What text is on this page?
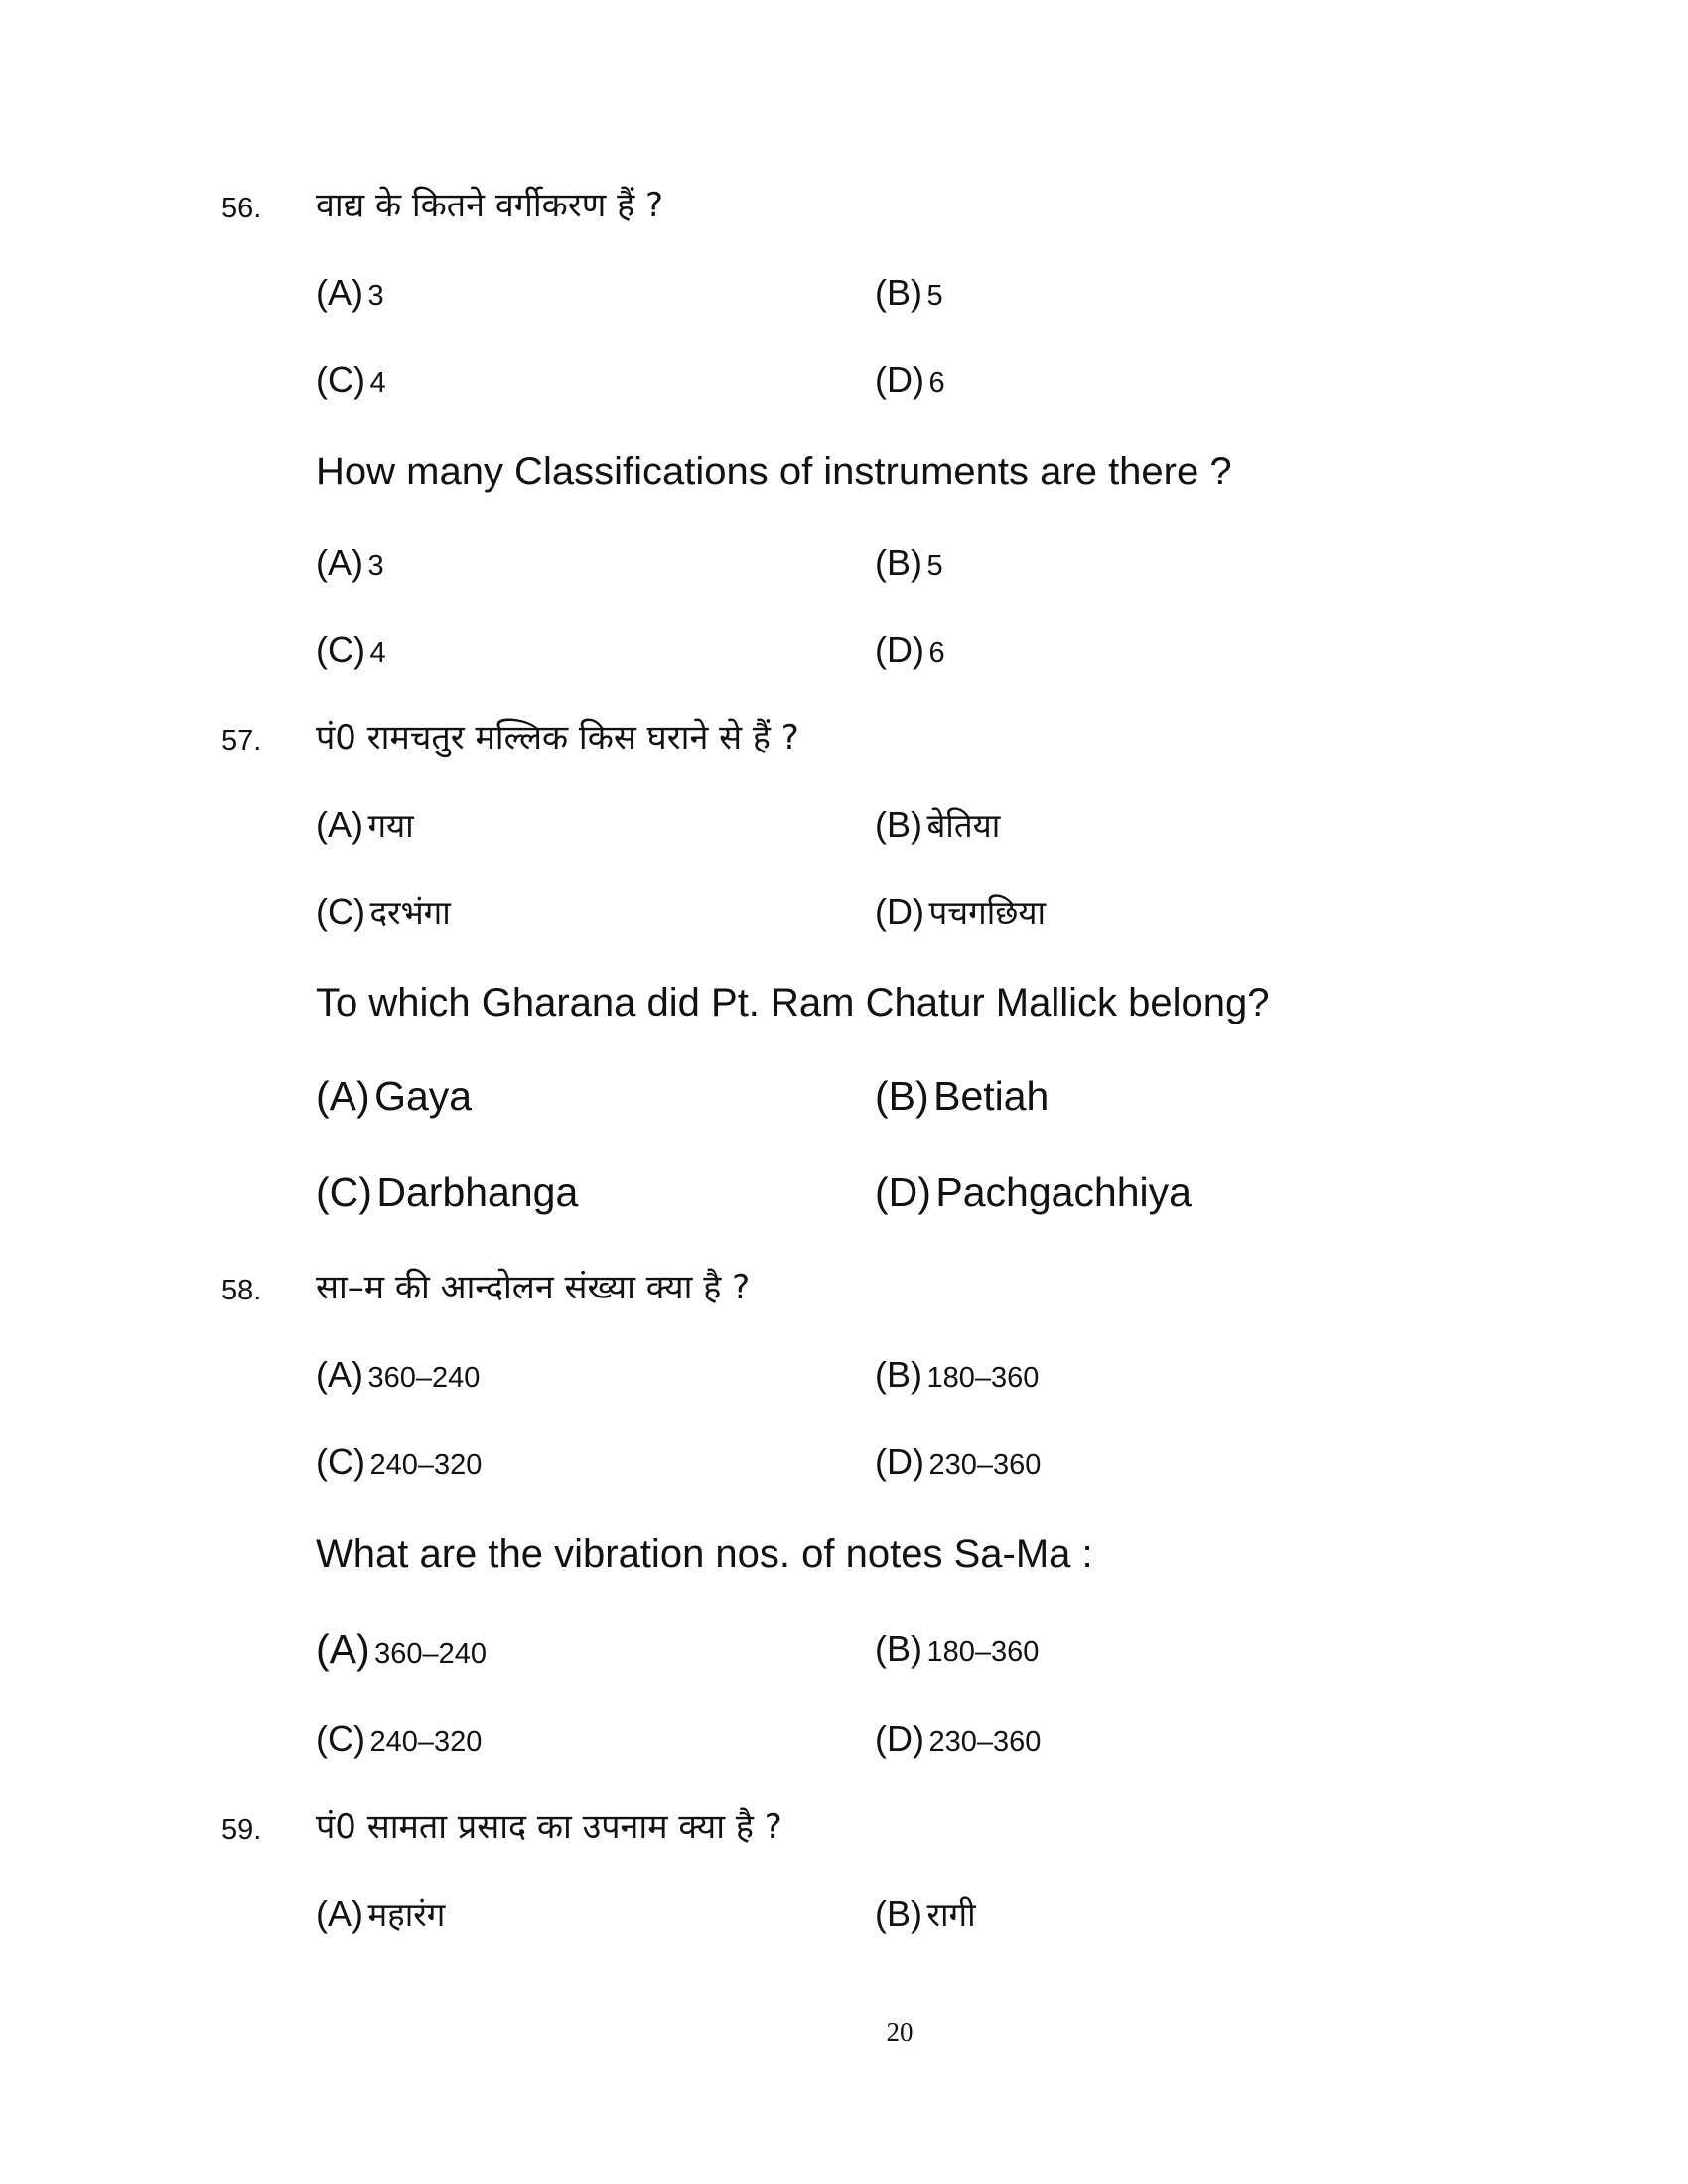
56. वाद्य के कितने वर्गीकरण हैं ?
(A) 3	(B) 5
(C) 4	(D) 6
How many Classifications of instruments are there ?
(A) 3	(B) 5
(C) 4	(D) 6
57. पं0 रामचतुर मल्लिक किस घराने से हैं ?
(A) गया	(B) बेतिया
(C) दरभंगा	(D) पचगछिया
To which Gharana did Pt. Ram Chatur Mallick belong?
(A) Gaya	(B) Betiah
(C) Darbhanga	(D) Pachgachhiya
58. सा–म की आन्दोलन संख्या क्या है ?
(A) 360–240	(B) 180–360
(C) 240–320	(D) 230–360
What are the vibration nos. of notes Sa-Ma :
(A) 360–240	(B) 180–360
(C) 240–320	(D) 230–360
59. पं0 सामता प्रसाद का उपनाम क्या है ?
(A) महारंग	(B) रागी
20
